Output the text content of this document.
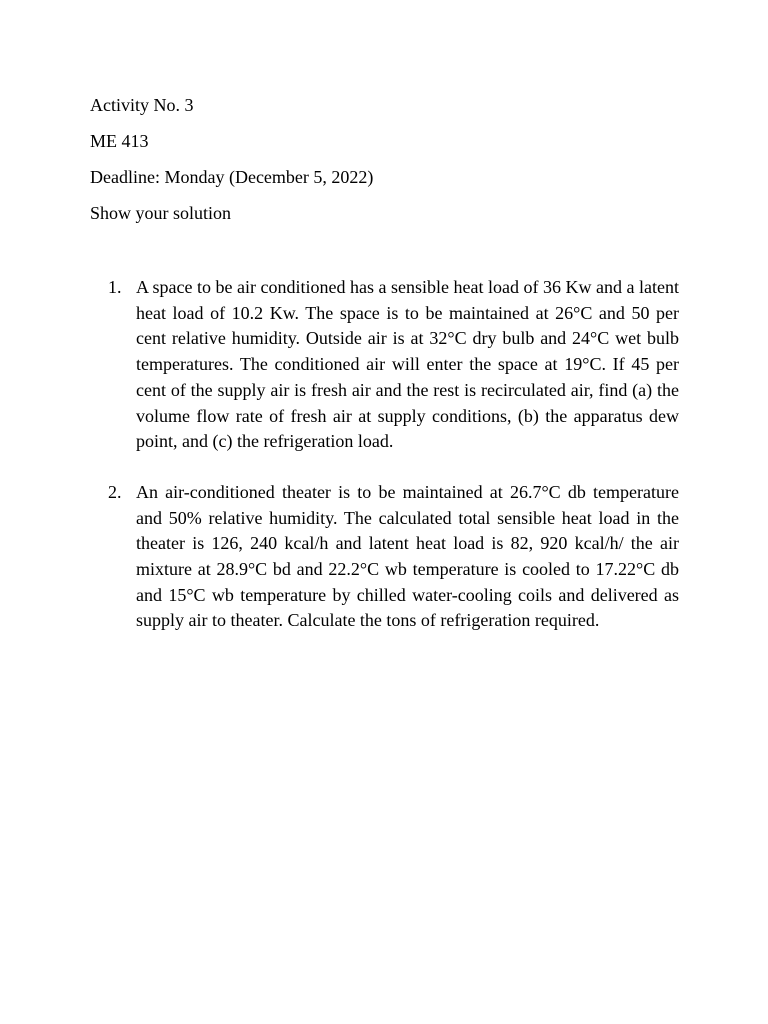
Activity No. 3
ME 413
Deadline: Monday (December 5, 2022)
Show your solution
1. A space to be air conditioned has a sensible heat load of 36 Kw and a latent heat load of 10.2 Kw. The space is to be maintained at 26°C and 50 per cent relative humidity. Outside air is at 32°C dry bulb and 24°C wet bulb temperatures. The conditioned air will enter the space at 19°C. If 45 per cent of the supply air is fresh air and the rest is recirculated air, find (a) the volume flow rate of fresh air at supply conditions, (b) the apparatus dew point, and (c) the refrigeration load.

2. An air-conditioned theater is to be maintained at 26.7°C db temperature and 50% relative humidity. The calculated total sensible heat load in the theater is 126, 240 kcal/h and latent heat load is 82, 920 kcal/h/ the air mixture at 28.9°C bd and 22.2°C wb temperature is cooled to 17.22°C db and 15°C wb temperature by chilled water-cooling coils and delivered as supply air to theater. Calculate the tons of refrigeration required.
